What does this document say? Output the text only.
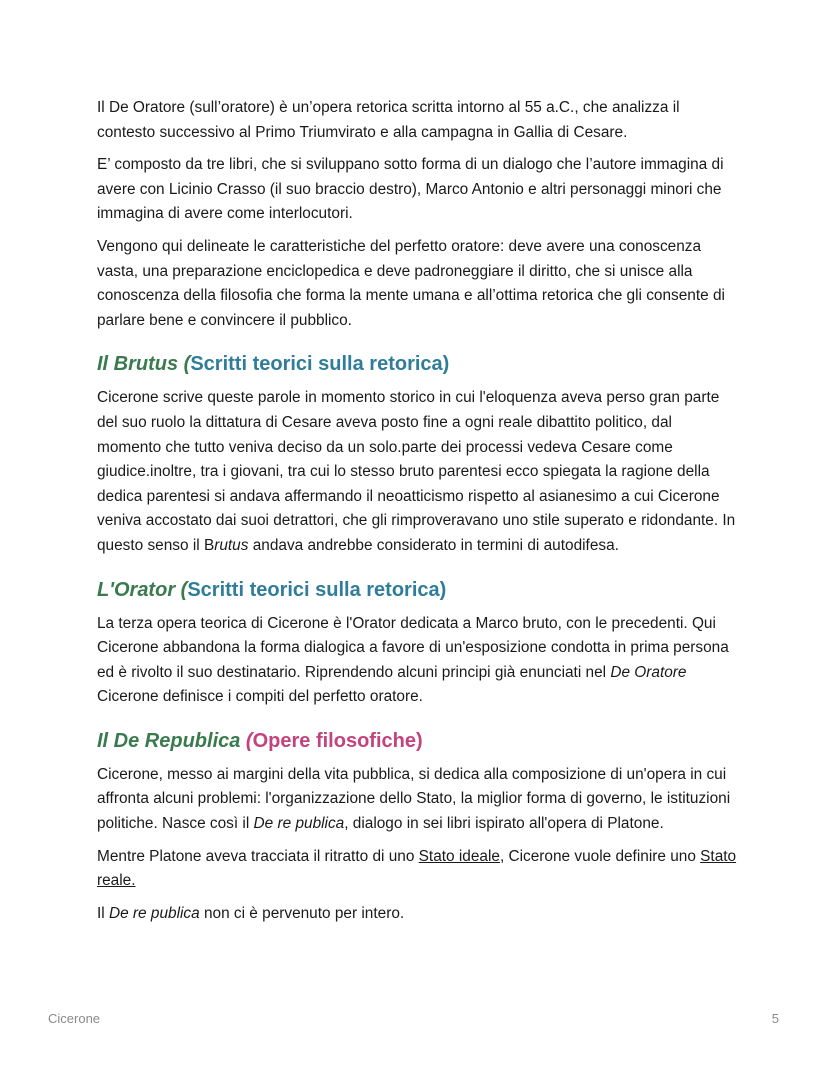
Il De Oratore (sull’oratore) è un’opera retorica scritta intorno al 55 a.C., che analizza il contesto successivo al Primo Triumvirato e alla campagna in Gallia di Cesare.

E’ composto da tre libri, che si sviluppano sotto forma di un dialogo che l’autore immagina di avere con Licinio Crasso (il suo braccio destro), Marco Antonio e altri personaggi minori che immagina di avere come interlocutori.

Vengono qui delineate le caratteristiche del perfetto oratore: deve avere una conoscenza vasta, una preparazione enciclopedica e deve padroneggiare il diritto, che si unisce alla conoscenza della filosofia che forma la mente umana e all’ottima retorica che gli consente di parlare bene e convincere il pubblico.

Il Brutus (Scritti teorici sulla retorica)

Cicerone scrive queste parole in momento storico in cui l'eloquenza aveva perso gran parte del suo ruolo la dittatura di Cesare aveva posto fine a ogni reale dibattito politico, dal momento che tutto veniva deciso da un solo.parte dei processi vedeva Cesare come giudice.inoltre, tra i giovani, tra cui lo stesso bruto parentesi ecco spiegata la ragione della dedica parentesi si andava affermando il neoatticismo rispetto al asianesimo a cui Cicerone veniva accostato dai suoi detrattori, che gli rimproveravano uno stile superato e ridondante. In questo senso il Brutus andava andrebbe considerato in termini di autodifesa.

L'Orator (Scritti teorici sulla retorica)

La terza opera teorica di Cicerone è l'Orator dedicata a Marco bruto, con le precedenti. Qui Cicerone abbandona la forma dialogica a favore di un'esposizione condotta in prima persona ed è rivolto il suo destinatario. Riprendendo alcuni principi già enunciati nel De Oratore Cicerone definisce i compiti del perfetto oratore.

Il De Republica (Opere filosofiche)

Cicerone, messo ai margini della vita pubblica, si dedica alla composizione di un'opera in cui affronta alcuni problemi: l'organizzazione dello Stato, la miglior forma di governo, le istituzioni politiche. Nasce così il De re publica, dialogo in sei libri ispirato all'opera di Platone.

Mentre Platone aveva tracciata il ritratto di uno Stato ideale, Cicerone vuole definire uno Stato reale.

Il De re publica non ci è pervenuto per intero.

Cicerone	5
